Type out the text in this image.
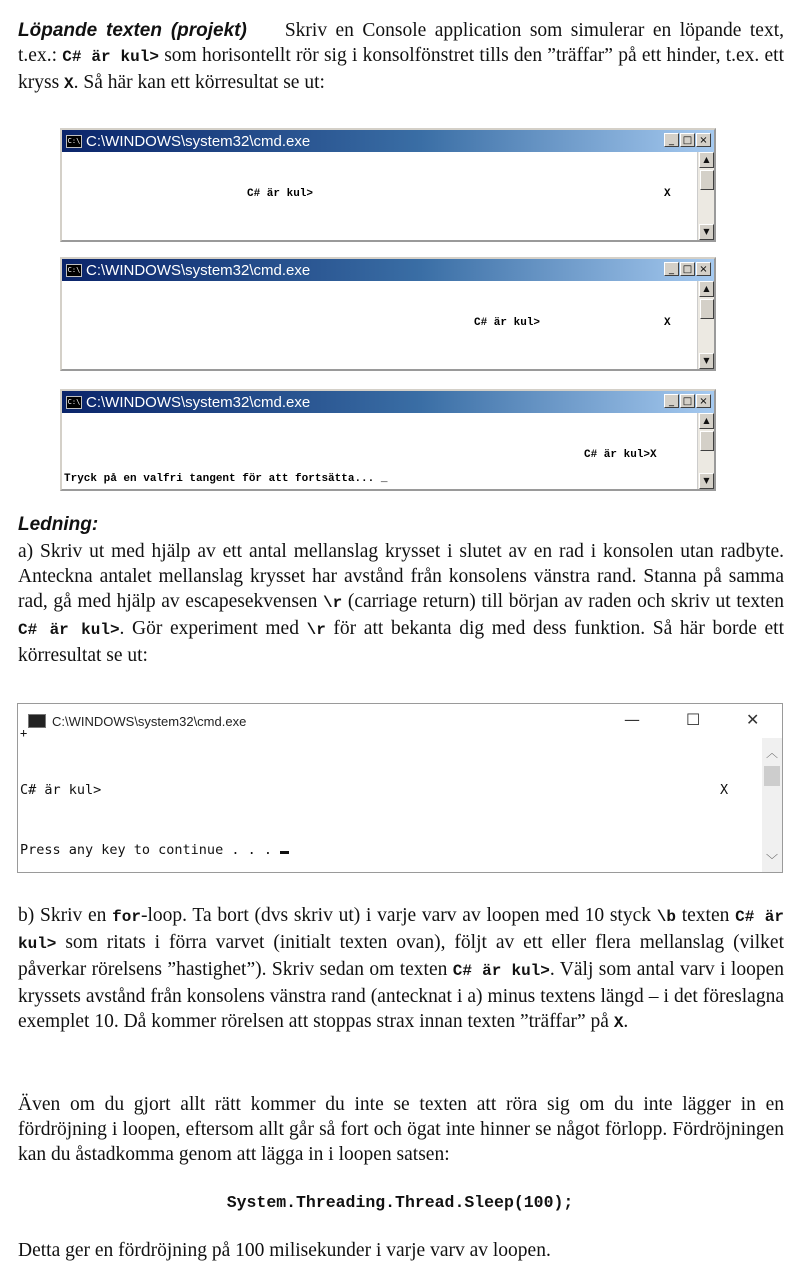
Löpande texten (projekt) Skriv en Console application som simulerar en löpande text, t.ex.: C# är kul> som horisontellt rör sig i konsolfönstret tills den ”träffar” på ett hinder, t.ex. ett kryss X. Så här kan ett körresultat se ut:
C:\ C:\WINDOWS\system32\cmd.exe	_ □ ×
C# är kul>	X
▲
▼
C:\ C:\WINDOWS\system32\cmd.exe	_ □ ×
C# är kul>	X
▲
▼
C:\ C:\WINDOWS\system32\cmd.exe	_ □ ×
C# är kul>X
Tryck på en valfri tangent för att fortsätta... _
▲
▼
Ledning:
a) Skriv ut med hjälp av ett antal mellanslag krysset i slutet av en rad i konsolen utan radbyte. Anteckna antalet mellanslag krysset har avstånd från konsolens vänstra rand. Stanna på samma rad, gå med hjälp av escapesekvensen \r (carriage return) till början av raden och skriv ut texten C# är kul>. Gör experiment med \r för att bekanta dig med dess funktion. Så här borde ett körresultat se ut:
C:\WINDOWS\system32\cmd.exe	—	☐	✕
+
C# är kul>	X
Press any key to continue . . .
︿
﹀
b) Skriv en for-loop. Ta bort (dvs skriv ut) i varje varv av loopen med 10 styck \b texten C# är kul> som ritats i förra varvet (initialt texten ovan), följt av ett eller flera mellanslag (vilket påverkar rörelsens ”hastighet”). Skriv sedan om texten C# är kul>. Välj som antal varv i loopen kryssets avstånd från konsolens vänstra rand (antecknat i a) minus textens längd – i det föreslagna exemplet 10. Då kommer rörelsen att stoppas strax innan texten ”träffar” på X.
Även om du gjort allt rätt kommer du inte se texten att röra sig om du inte lägger in en fördröjning i loopen, eftersom allt går så fort och ögat inte hinner se något förlopp. Fördröjningen kan du åstadkomma genom att lägga in i loopen satsen:
System.Threading.Thread.Sleep(100);
Detta ger en fördröjning på 100 milisekunder i varje varv av loopen.
